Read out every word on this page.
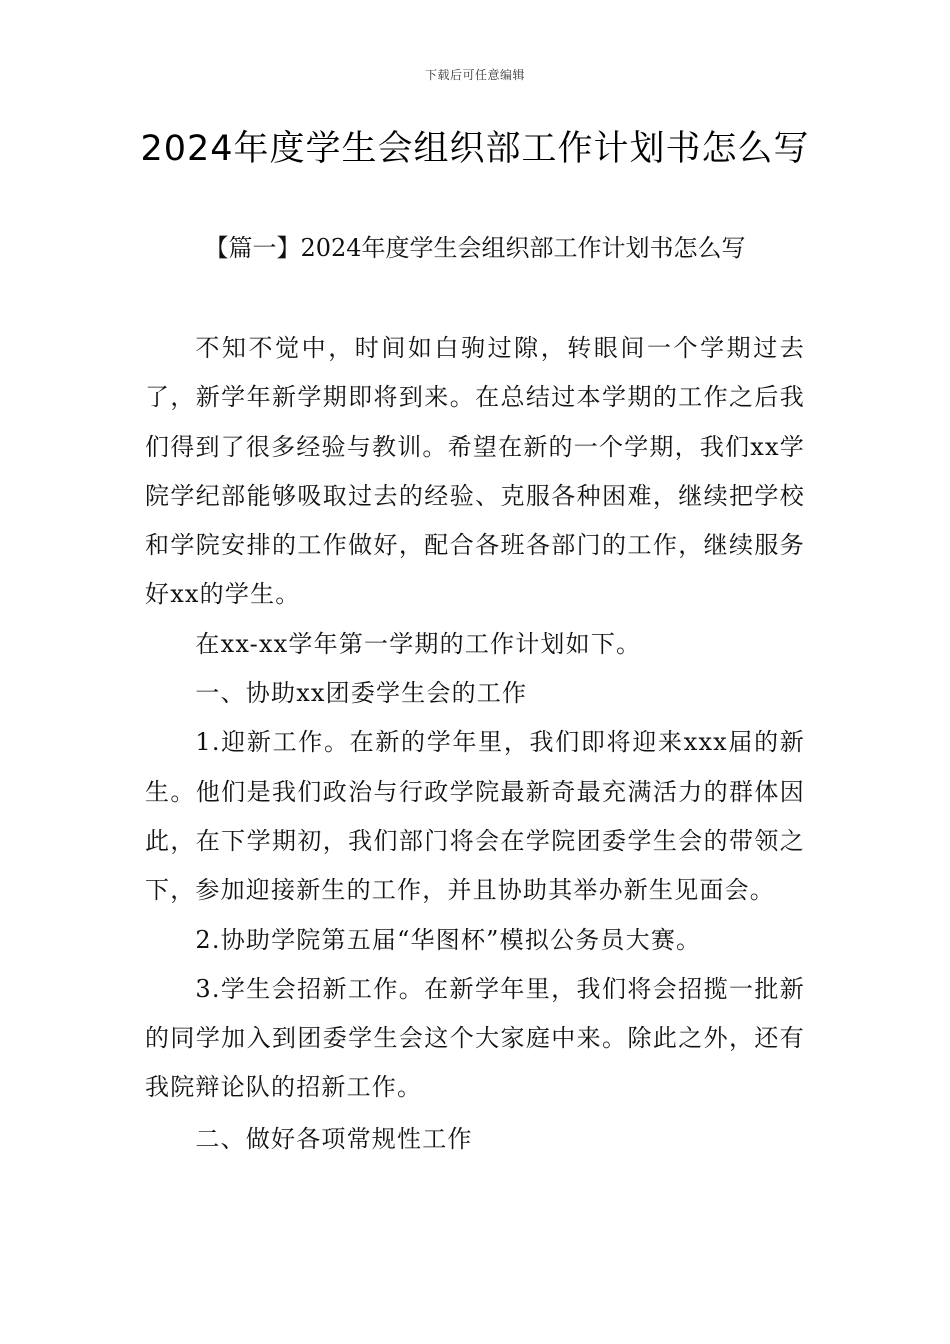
下载后可任意编辑
2024年度学生会组织部工作计划书怎么写
【篇一】2024年度学生会组织部工作计划书怎么写

不知不觉中，时间如白驹过隙，转眼间一个学期过去了，新学年新学期即将到来。在总结过本学期的工作之后我们得到了很多经验与教训。希望在新的一个学期，我们xx学院学纪部能够吸取过去的经验、克服各种困难，继续把学校和学院安排的工作做好，配合各班各部门的工作，继续服务好xx的学生。

在xx-xx学年第一学期的工作计划如下。

一、协助xx团委学生会的工作

1.迎新工作。在新的学年里，我们即将迎来xxx届的新生。他们是我们政治与行政学院最新奇最充满活力的群体因此，在下学期初，我们部门将会在学院团委学生会的带领之下，参加迎接新生的工作，并且协助其举办新生见面会。

2.协助学院第五届“华图杯”模拟公务员大赛。

3.学生会招新工作。在新学年里，我们将会招揽一批新的同学加入到团委学生会这个大家庭中来。除此之外，还有我院辩论队的招新工作。

二、做好各项常规性工作
